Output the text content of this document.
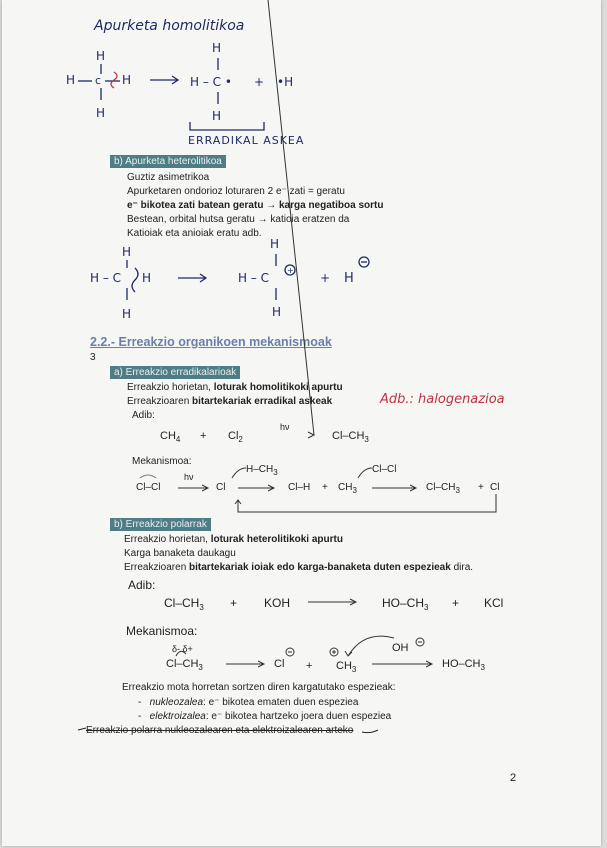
Apurketa homolitikoa
H
H c H
H
H
H – C • + •H
H
ERRADIKAL ASKEA
b) Apurketa heterolitikoa
Guztiz asimetrikoa
Apurketaren ondorioz loturaren 2 e⁻ zati = geratu
e⁻ bikotea zati batean geratu → karga negatiboa sortu
Bestean, orbital hutsa geratu → katioia eratzen da
Katioiak eta anioiak eratu adb.
H
H – C H
H
H
H – C
+
+ H
H
2.2.- Erreakzio organikoen mekanismoak
3
a) Erreakzio erradikalarioak
Erreakzio horietan, loturak homolitikoki apurtu
Erreakzioaren bitartekariak erradikal askeak
Adib:
Adb.: halogenazioa
$CH_4 + Cl_2$
hν
$Cl-CH_3$
Mekanismoa:
Cl–Cl
hν
Cl
$H-CH_3$
$Cl-H + CH_3$
Cl–Cl
$Cl-CH_3 + Cl$
b) Erreakzio polarrak
Erreakzio horietan, loturak heterolitikoki apurtu
Karga banaketa daukagu
Erreakzioaren bitartekariak ioiak edo karga-banaketa duten espezieak dira.
Adib:
$Cl-CH_3$ + KOH	$HO-CH_3$ + KCl
Mekanismoa:
δ- δ+
$Cl-CH_3$	$Cl + CH_3$
OH
$HO-CH_3$
Erreakzio mota horretan sortzen diren kargatutako espezieak:
-   nukleozalea: e⁻ bikotea ematen duen espeziea
-   elektroizalea: e⁻ bikotea hartzeko joera duen espeziea
Erreakzio polarra nukleozalearen eta elektroizalearen arteko
2
